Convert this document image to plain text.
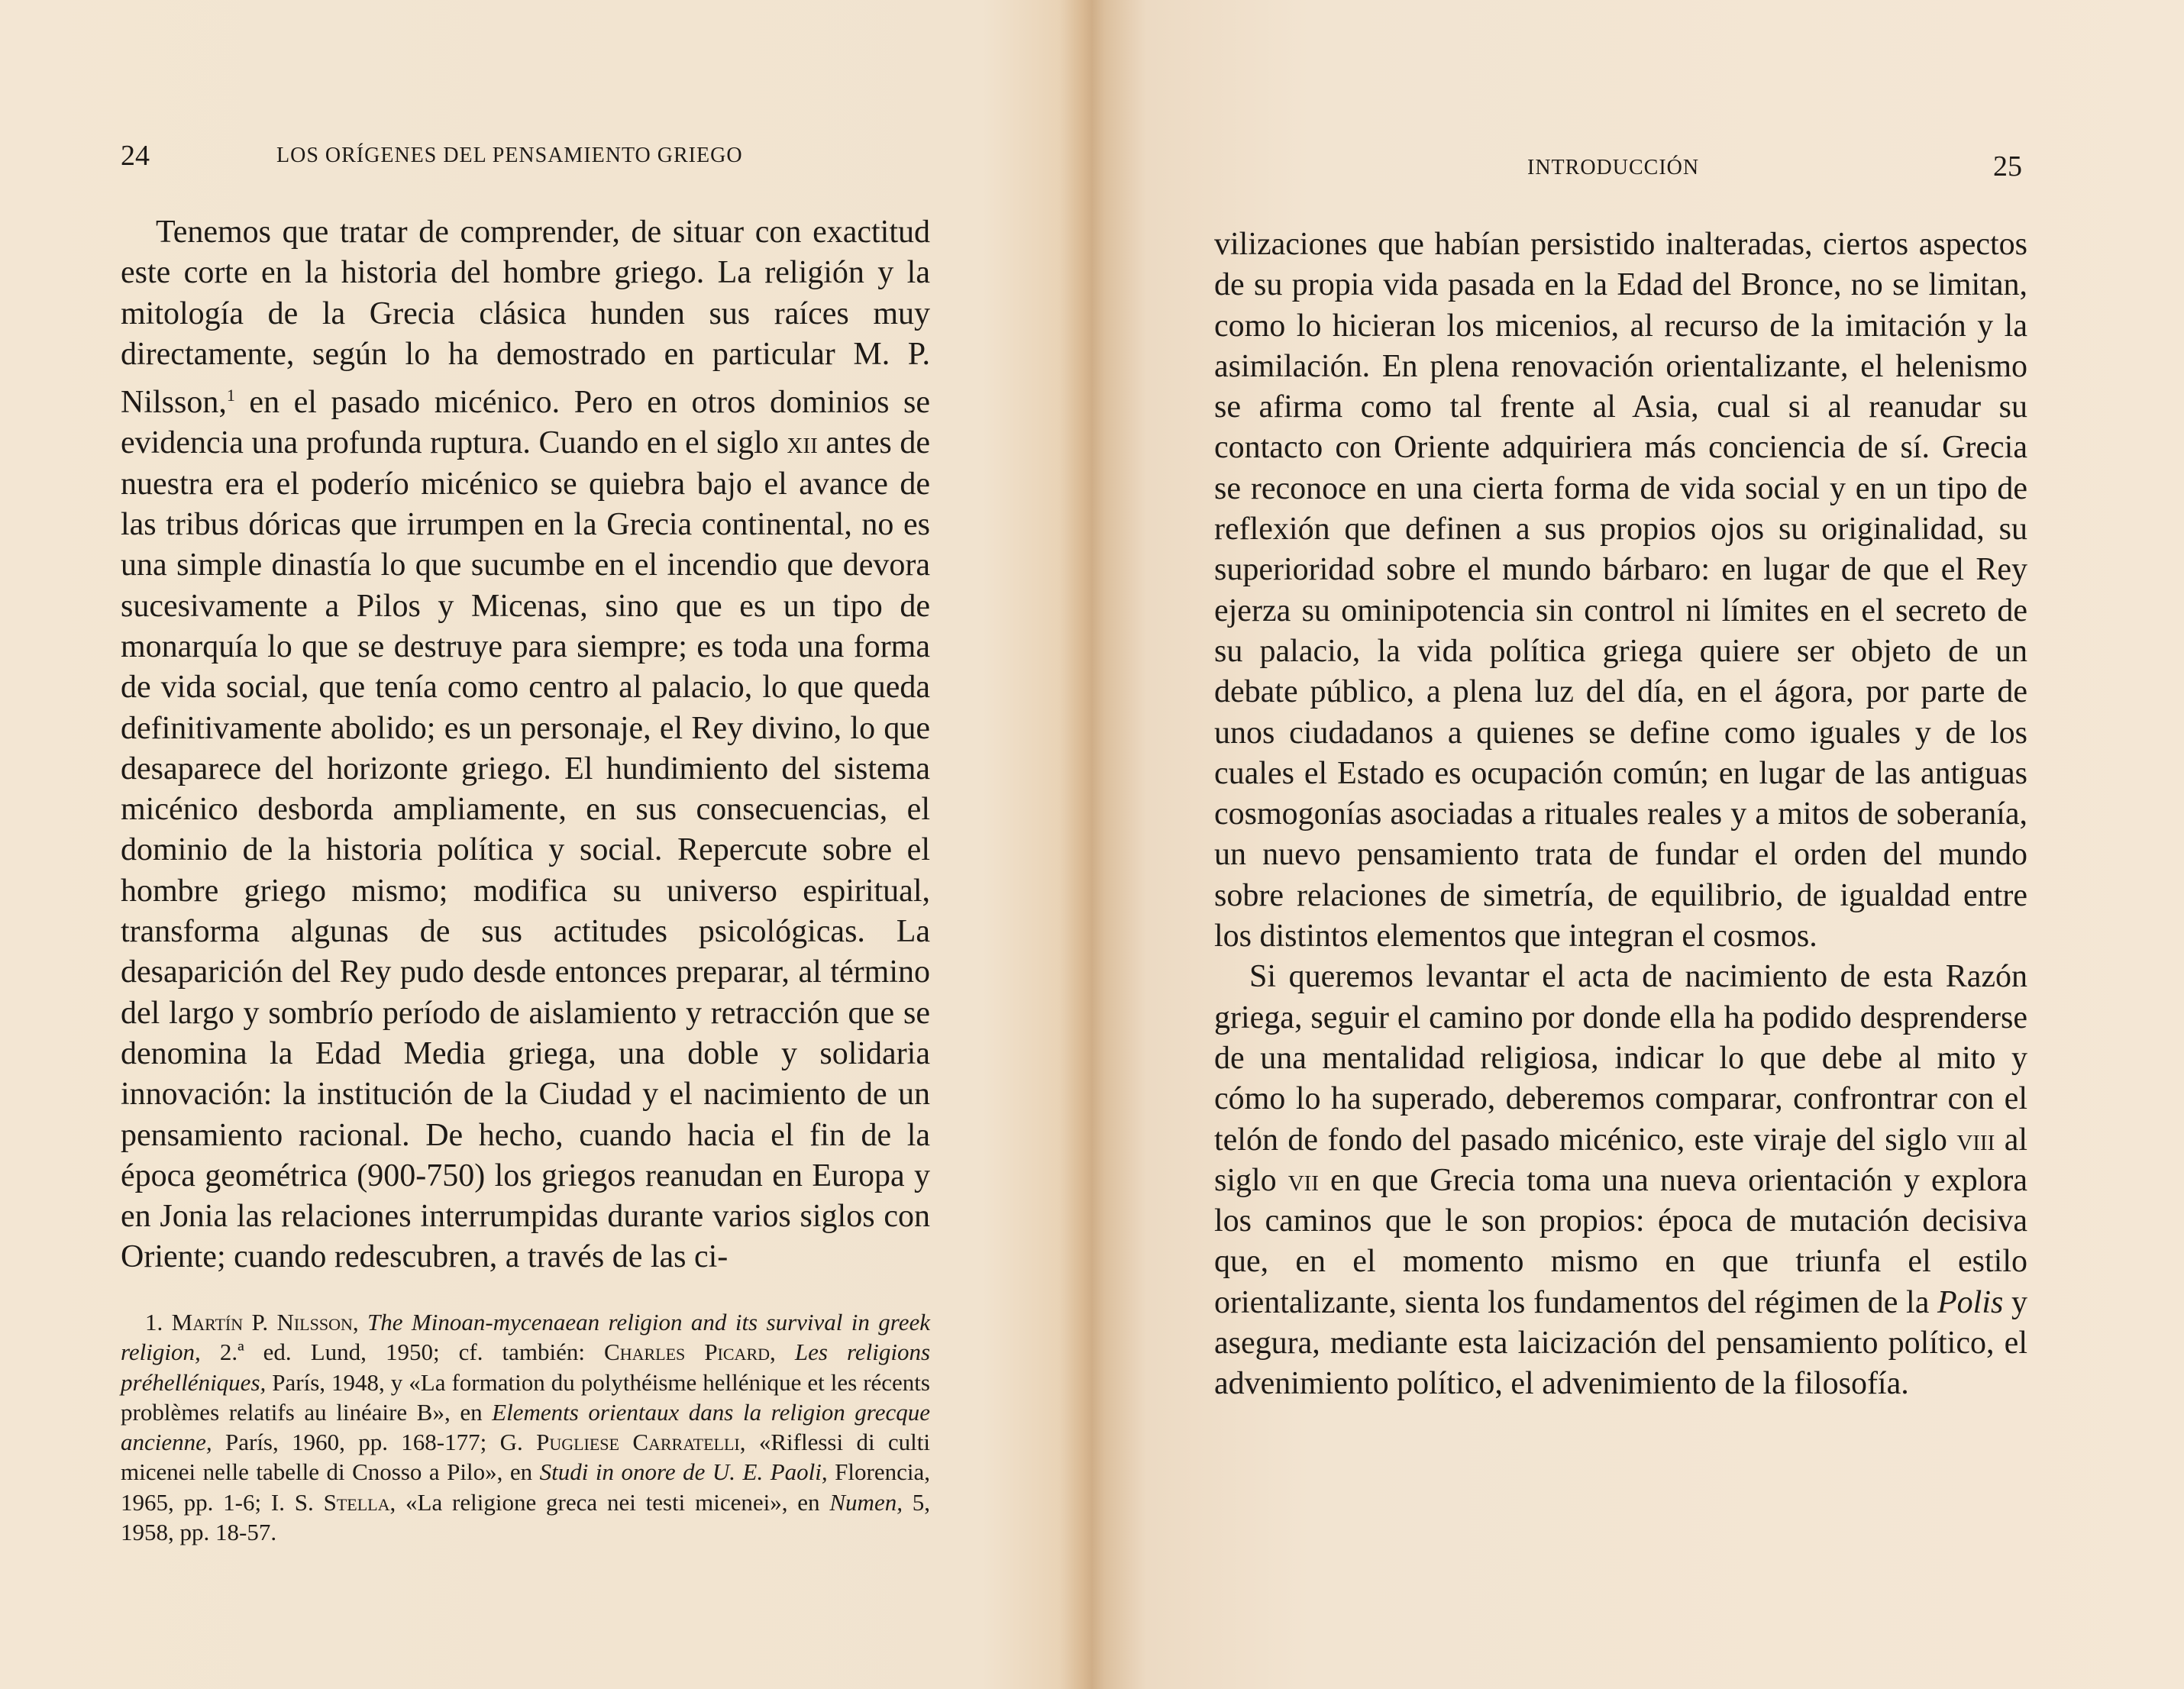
24	LOS ORÍGENES DEL PENSAMIENTO GRIEGO

Tenemos que tratar de comprender, de situar con exactitud este corte en la historia del hombre griego. La religión y la mitología de la Grecia clásica hunden sus raíces muy directamente, según lo ha demostrado en particular M. P. Nilsson,$^1$ en el pasado micénico. Pero en otros dominios se evidencia una profunda ruptura. Cuando en el siglo xii antes de nuestra era el poderío micénico se quiebra bajo el avance de las tribus dóricas que irrumpen en la Grecia continental, no es una simple dinastía lo que sucumbe en el incendio que devora sucesivamente a Pilos y Micenas, sino que es un tipo de monarquía lo que se destruye para siempre; es toda una forma de vida social, que tenía como centro al palacio, lo que queda definitivamente abolido; es un personaje, el Rey divino, lo que desaparece del horizonte griego. El hundimiento del sistema micénico desborda ampliamente, en sus consecuencias, el dominio de la historia política y social. Repercute sobre el hombre griego mismo; modifica su universo espiritual, transforma algunas de sus actitudes psicológicas. La desaparición del Rey pudo desde entonces preparar, al término del largo y sombrío período de aislamiento y retracción que se denomina la Edad Media griega, una doble y solidaria innovación: la institución de la Ciudad y el nacimiento de un pensamiento racional. De hecho, cuando hacia el fin de la época geométrica (900-750) los griegos reanudan en Europa y en Jonia las relaciones interrumpidas durante varios siglos con Oriente; cuando redescubren, a través de las ci-

1. Martín P. Nilsson, The Minoan-mycenaean religion and its survival in greek religion, 2.ª ed. Lund, 1950; cf. también: Charles Picard, Les religions préhelléniques, París, 1948, y «La formation du polythéisme hellénique et les récents problèmes relatifs au linéaire B», en Elements orientaux dans la religion grecque ancienne, París, 1960, pp. 168-177; G. Pugliese Carratelli, «Riflessi di culti micenei nelle tabelle di Cnosso a Pilo», en Studi in onore de U. E. Paoli, Florencia, 1965, pp. 1-6; I. S. Stella, «La religione greca nei testi micenei», en Numen, 5, 1958, pp. 18-57.

INTRODUCCIÓN	25

vilizaciones que habían persistido inalteradas, ciertos aspectos de su propia vida pasada en la Edad del Bronce, no se limitan, como lo hicieran los micenios, al recurso de la imitación y la asimilación. En plena renovación orientalizante, el helenismo se afirma como tal frente al Asia, cual si al reanudar su contacto con Oriente adquiriera más conciencia de sí. Grecia se reconoce en una cierta forma de vida social y en un tipo de reflexión que definen a sus propios ojos su originalidad, su superioridad sobre el mundo bárbaro: en lugar de que el Rey ejerza su ominipotencia sin control ni límites en el secreto de su palacio, la vida política griega quiere ser objeto de un debate público, a plena luz del día, en el ágora, por parte de unos ciudadanos a quienes se define como iguales y de los cuales el Estado es ocupación común; en lugar de las antiguas cosmogonías asociadas a rituales reales y a mitos de soberanía, un nuevo pensamiento trata de fundar el orden del mundo sobre relaciones de simetría, de equilibrio, de igualdad entre los distintos elementos que integran el cosmos.

Si queremos levantar el acta de nacimiento de esta Razón griega, seguir el camino por donde ella ha podido desprenderse de una mentalidad religiosa, indicar lo que debe al mito y cómo lo ha superado, deberemos comparar, confrontrar con el telón de fondo del pasado micénico, este viraje del siglo viii al siglo vii en que Grecia toma una nueva orientación y explora los caminos que le son propios: época de mutación decisiva que, en el momento mismo en que triunfa el estilo orientalizante, sienta los fundamentos del régimen de la Polis y asegura, mediante esta laicización del pensamiento político, el advenimiento político, el advenimiento de la filosofía.
